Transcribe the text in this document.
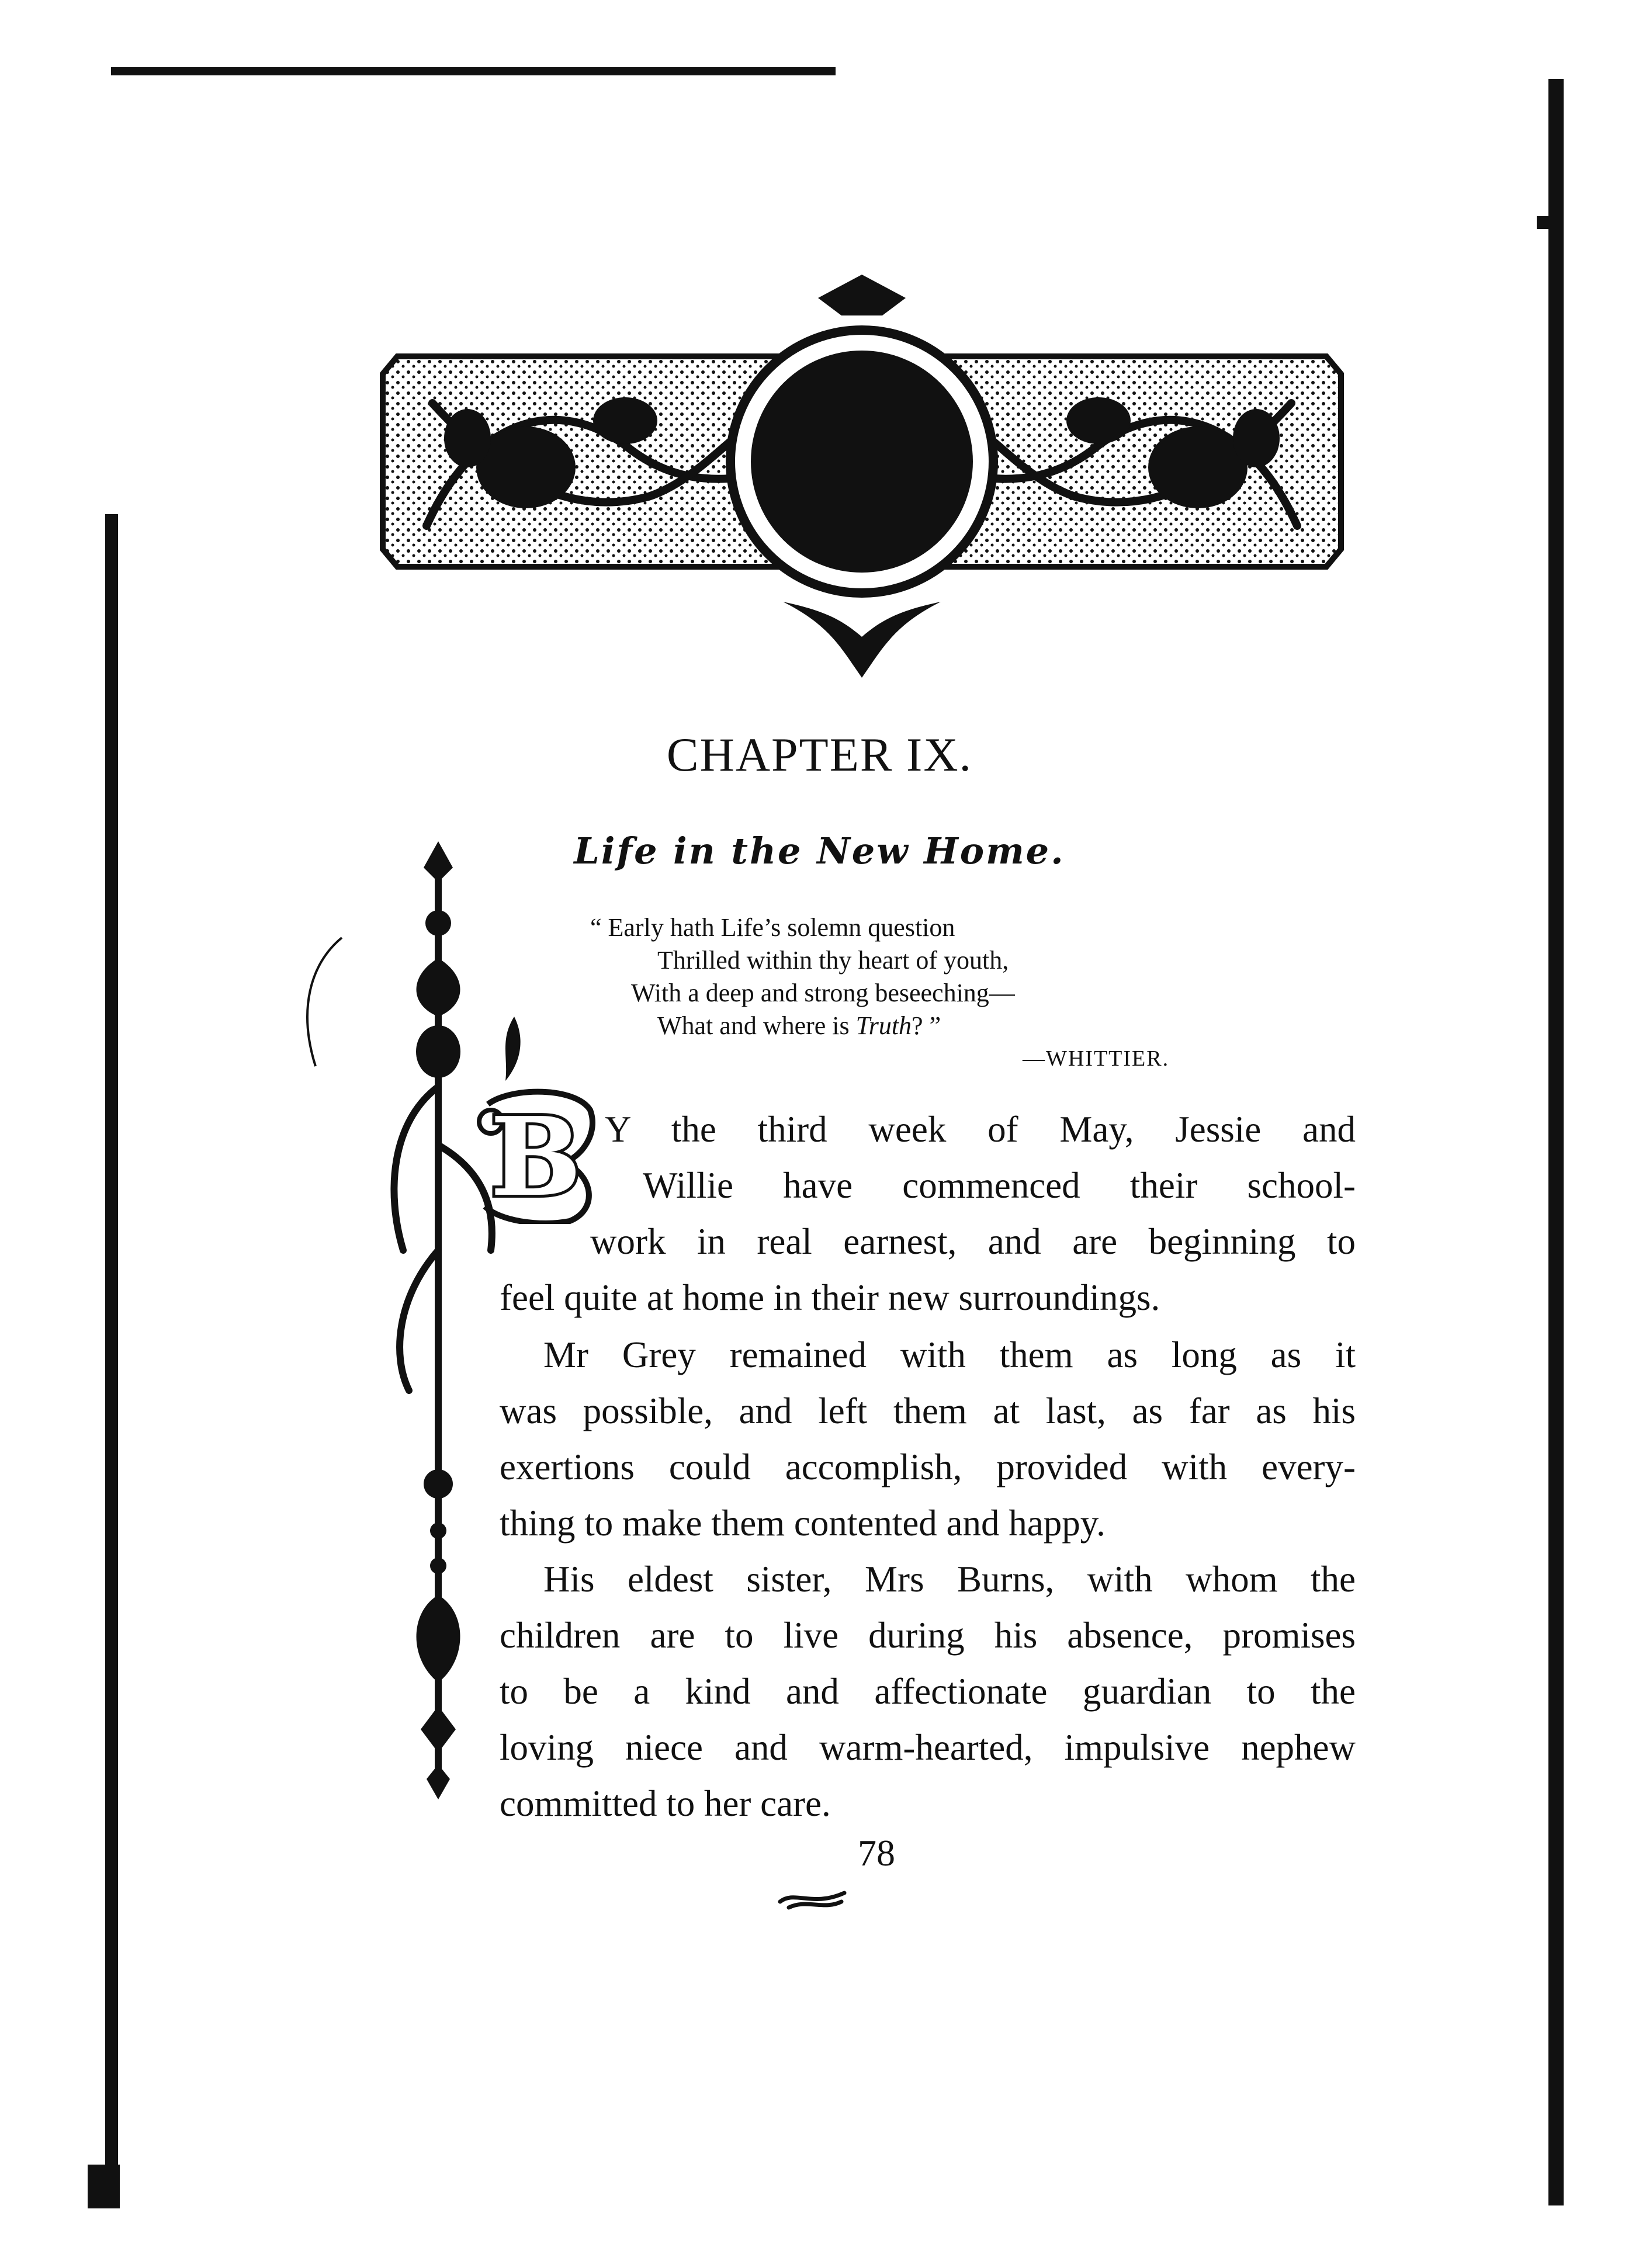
CHAPTER IX.
Life in the New Home.
“ Early hath Life’s solemn question
Thrilled within thy heart of youth,
With a deep and strong beseeching—
What and where is Truth? ”
—WHITTIER.
B Y the third week of May, Jessie and
Willie have commenced their school-
work in real earnest, and are beginning to
feel quite at home in their new surroundings.
Mr Grey remained with them as long as it
was possible, and left them at last, as far as his
exertions could accomplish, provided with every-
thing to make them contented and happy.
His eldest sister, Mrs Burns, with whom the
children are to live during his absence, promises
to be a kind and affectionate guardian to the
loving niece and warm-hearted, impulsive nephew
committed to her care.
78
